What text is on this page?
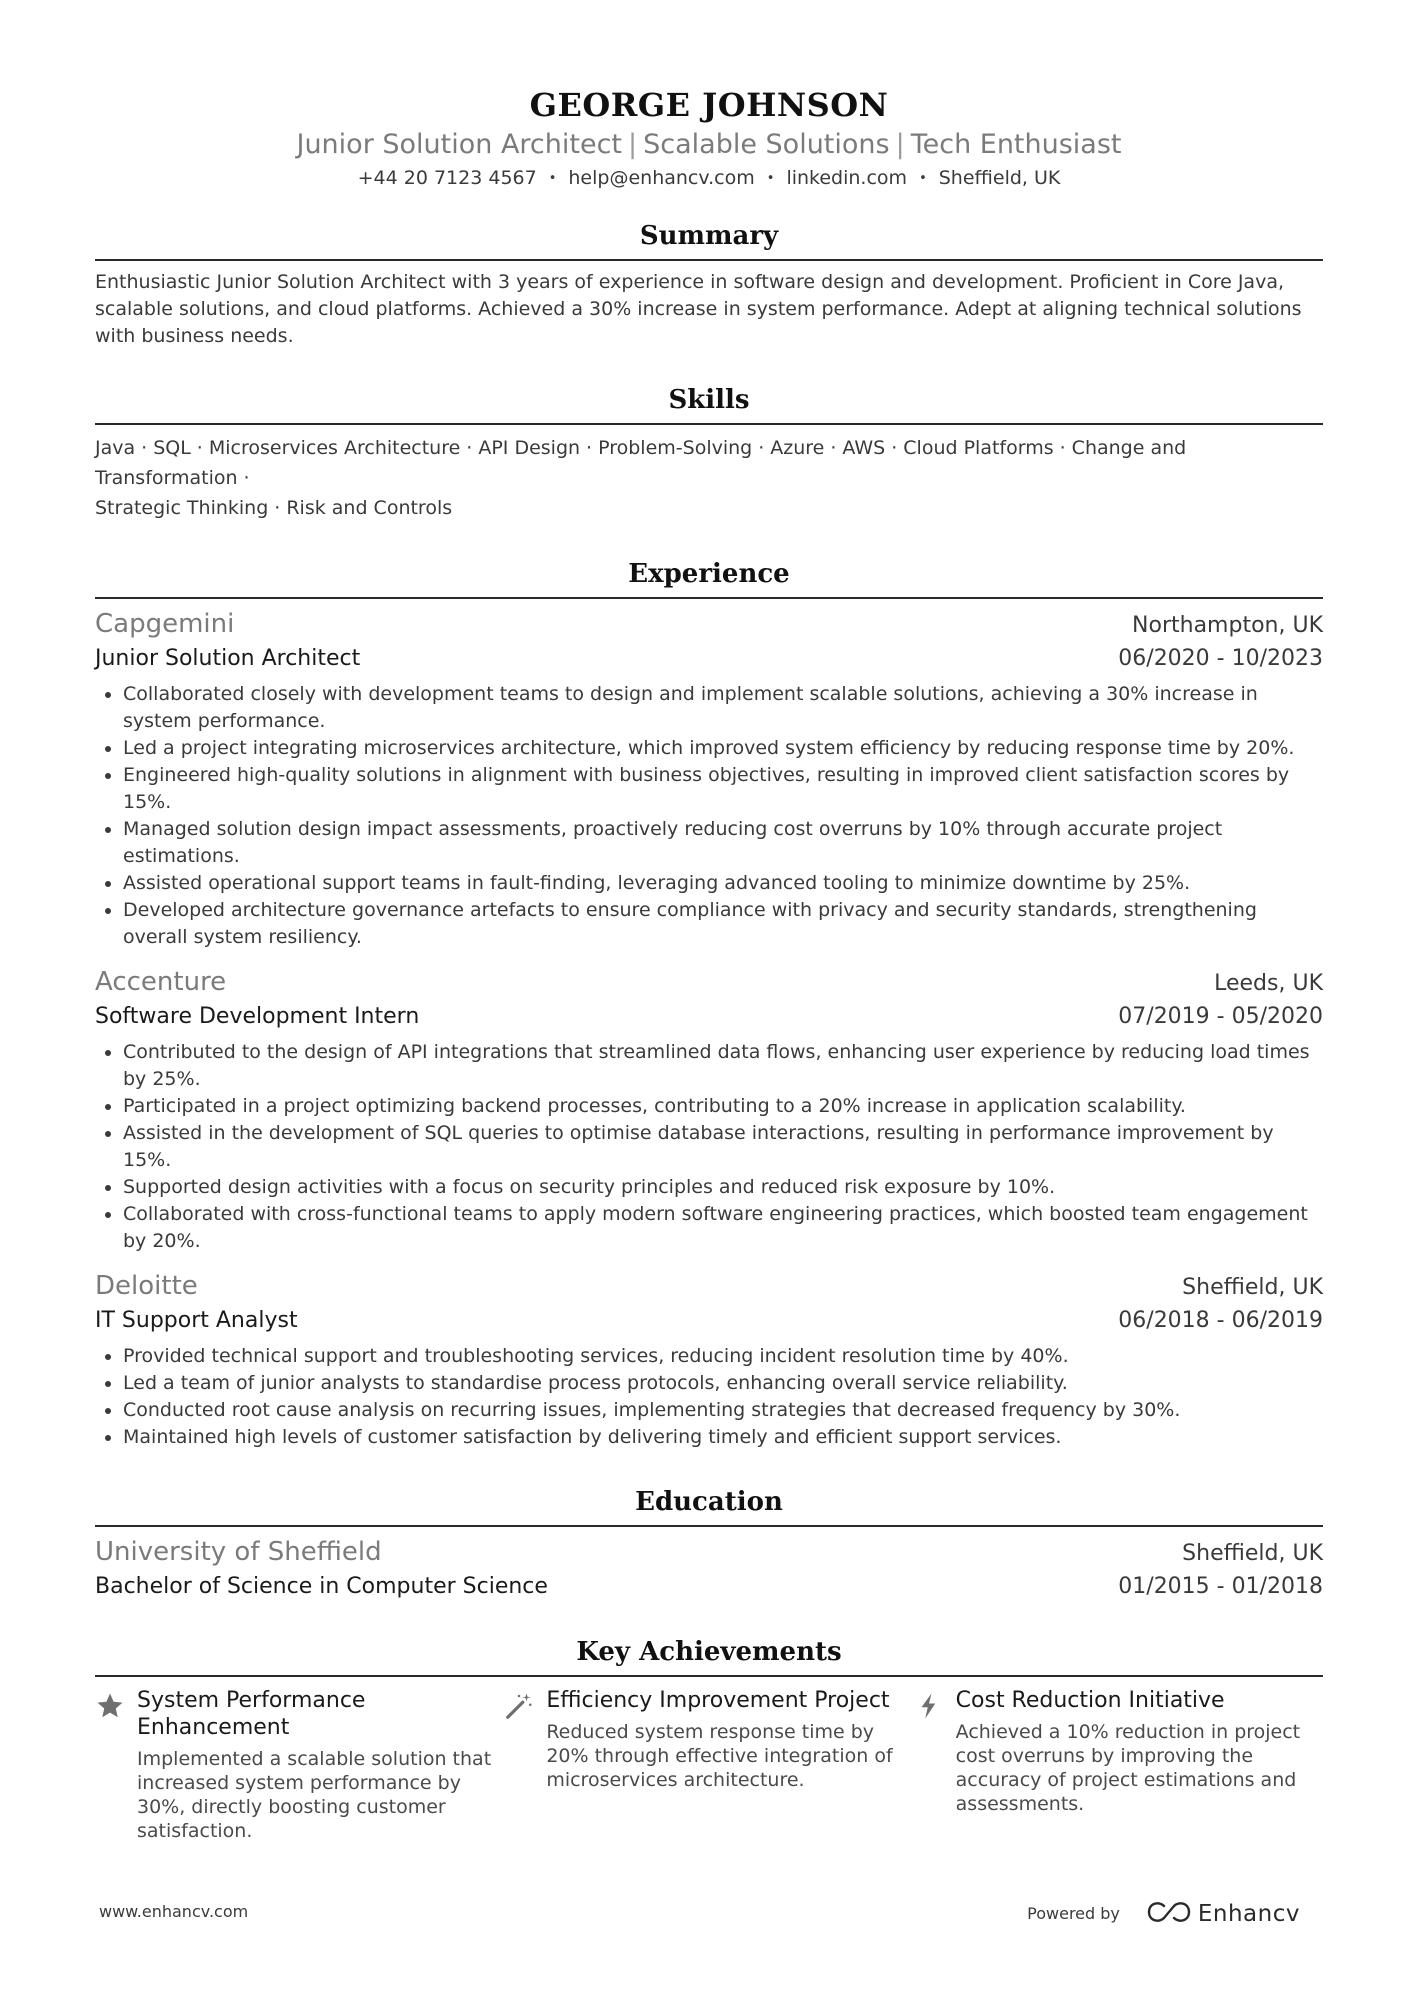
GEORGE JOHNSON
Junior Solution Architect | Scalable Solutions | Tech Enthusiast
+44 20 7123 4567 • help@enhancv.com • linkedin.com • Sheffield, UK
Summary
Enthusiastic Junior Solution Architect with 3 years of experience in software design and development. Proficient in Core Java, scalable solutions, and cloud platforms. Achieved a 30% increase in system performance. Adept at aligning technical solutions with business needs.
Skills
Java · SQL · Microservices Architecture · API Design · Problem-Solving · Azure · AWS · Cloud Platforms · Change and Transformation ·
Strategic Thinking · Risk and Controls
Experience
Capgemini	Northampton, UK
Junior Solution Architect	06/2020 - 10/2023
• Collaborated closely with development teams to design and implement scalable solutions, achieving a 30% increase in system performance.
• Led a project integrating microservices architecture, which improved system efficiency by reducing response time by 20%.
• Engineered high-quality solutions in alignment with business objectives, resulting in improved client satisfaction scores by 15%.
• Managed solution design impact assessments, proactively reducing cost overruns by 10% through accurate project estimations.
• Assisted operational support teams in fault-finding, leveraging advanced tooling to minimize downtime by 25%.
• Developed architecture governance artefacts to ensure compliance with privacy and security standards, strengthening overall system resiliency.
Accenture	Leeds, UK
Software Development Intern	07/2019 - 05/2020
• Contributed to the design of API integrations that streamlined data flows, enhancing user experience by reducing load times by 25%.
• Participated in a project optimizing backend processes, contributing to a 20% increase in application scalability.
• Assisted in the development of SQL queries to optimise database interactions, resulting in performance improvement by 15%.
• Supported design activities with a focus on security principles and reduced risk exposure by 10%.
• Collaborated with cross-functional teams to apply modern software engineering practices, which boosted team engagement by 20%.
Deloitte	Sheffield, UK
IT Support Analyst	06/2018 - 06/2019
• Provided technical support and troubleshooting services, reducing incident resolution time by 40%.
• Led a team of junior analysts to standardise process protocols, enhancing overall service reliability.
• Conducted root cause analysis on recurring issues, implementing strategies that decreased frequency by 30%.
• Maintained high levels of customer satisfaction by delivering timely and efficient support services.
Education
University of Sheffield	Sheffield, UK
Bachelor of Science in Computer Science	01/2015 - 01/2018
Key Achievements
System Performance Enhancement
Implemented a scalable solution that increased system performance by 30%, directly boosting customer satisfaction.
Efficiency Improvement Project
Reduced system response time by 20% through effective integration of microservices architecture.
Cost Reduction Initiative
Achieved a 10% reduction in project cost overruns by improving the accuracy of project estimations and assessments.
www.enhancv.com	Powered by	Enhancv
